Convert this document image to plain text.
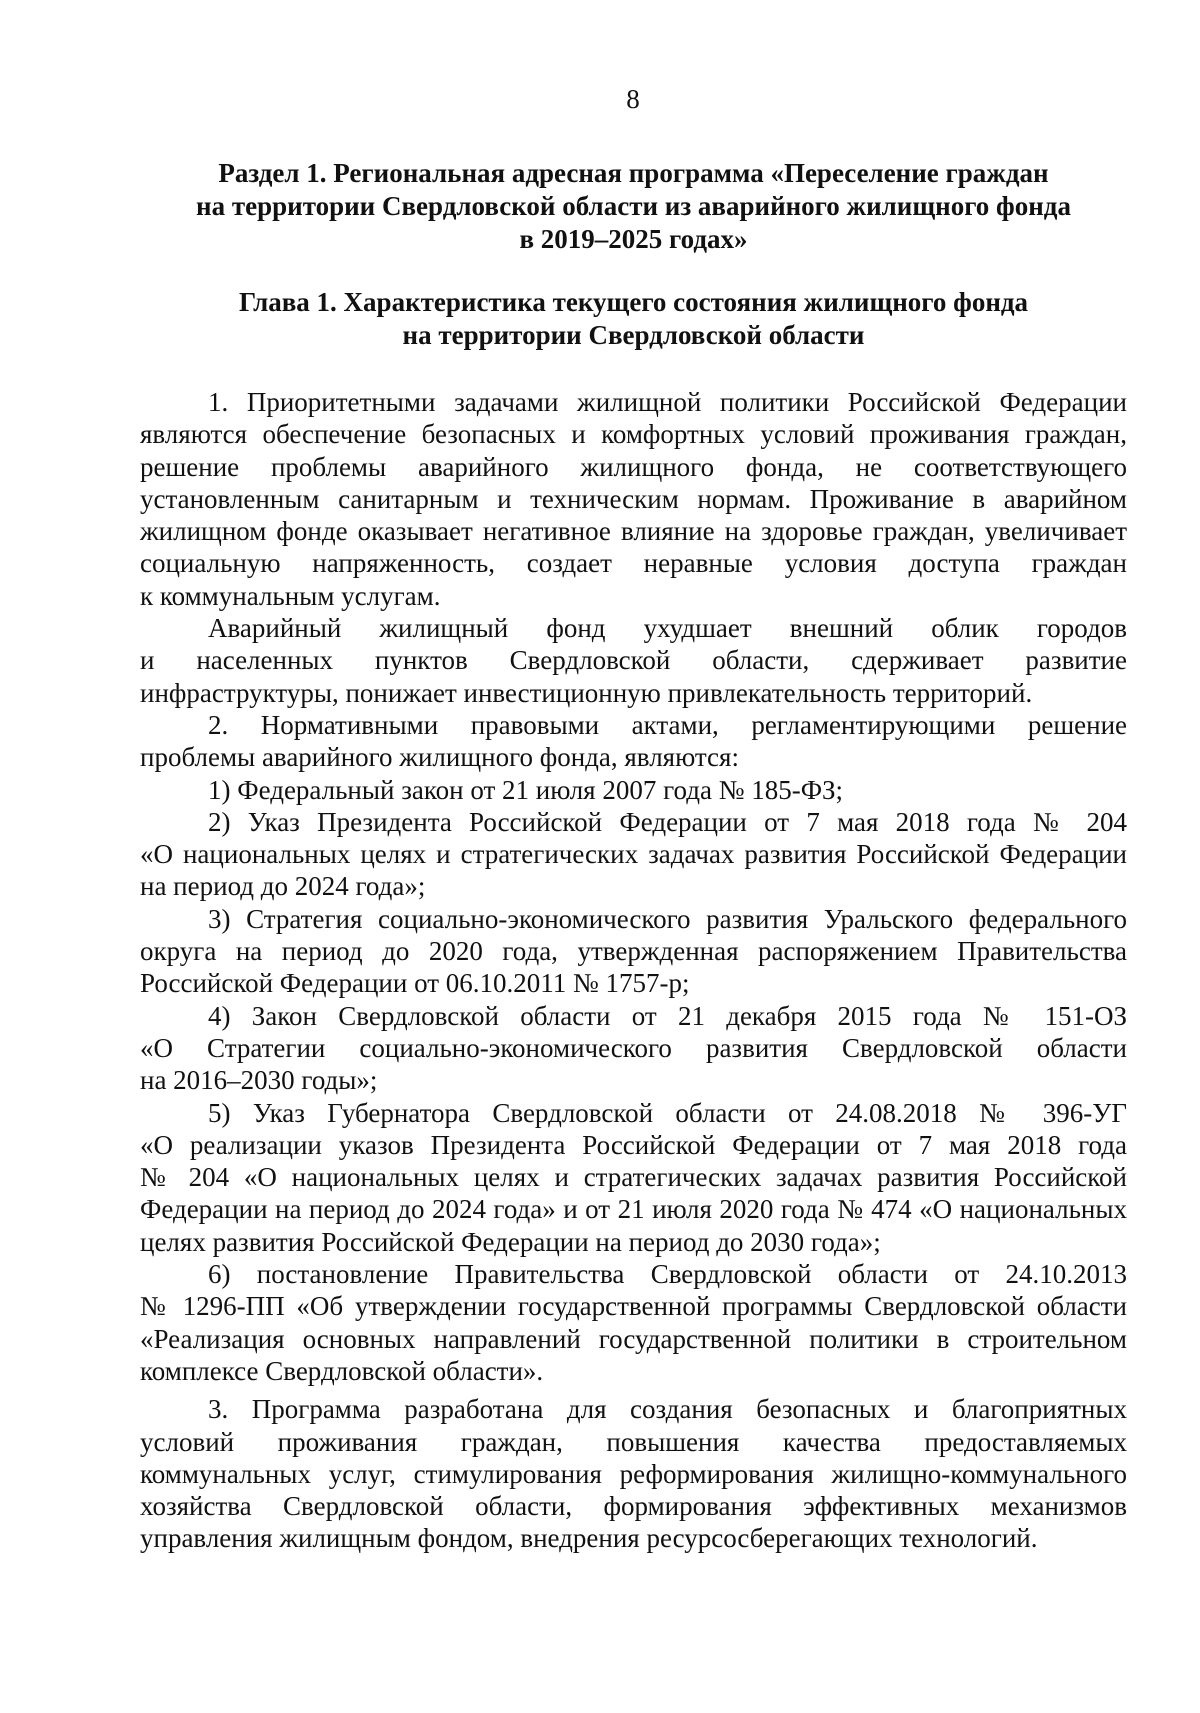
8
Раздел 1. Региональная адресная программа «Переселение граждан
на территории Свердловской области из аварийного жилищного фонда
в 2019–2025 годах»
Глава 1. Характеристика текущего состояния жилищного фонда
на территории Свердловской области
1. Приоритетными задачами жилищной политики Российской Федерации
являются обеспечение безопасных и комфортных условий проживания граждан,
решение проблемы аварийного жилищного фонда, не соответствующего
установленным санитарным и техническим нормам. Проживание в аварийном
жилищном фонде оказывает негативное влияние на здоровье граждан, увеличивает
социальную напряженность, создает неравные условия доступа граждан
к коммунальным услугам.
Аварийный жилищный фонд ухудшает внешний облик городов
и населенных пунктов Свердловской области, сдерживает развитие
инфраструктуры, понижает инвестиционную привлекательность территорий.
2. Нормативными правовыми актами, регламентирующими решение
проблемы аварийного жилищного фонда, являются:
1) Федеральный закон от 21 июля 2007 года № 185-ФЗ;
2) Указ Президента Российской Федерации от 7 мая 2018 года № 204
«О национальных целях и стратегических задачах развития Российской Федерации
на период до 2024 года»;
3) Стратегия социально-экономического развития Уральского федерального
округа на период до 2020 года, утвержденная распоряжением Правительства
Российской Федерации от 06.10.2011 № 1757-р;
4) Закон Свердловской области от 21 декабря 2015 года № 151-ОЗ
«О Стратегии социально-экономического развития Свердловской области
на 2016–2030 годы»;
5) Указ Губернатора Свердловской области от 24.08.2018 № 396-УГ
«О реализации указов Президента Российской Федерации от 7 мая 2018 года
№ 204 «О национальных целях и стратегических задачах развития Российской
Федерации на период до 2024 года» и от 21 июля 2020 года № 474 «О национальных
целях развития Российской Федерации на период до 2030 года»;
6) постановление Правительства Свердловской области от 24.10.2013
№ 1296-ПП «Об утверждении государственной программы Свердловской области
«Реализация основных направлений государственной политики в строительном
комплексе Свердловской области».
3. Программа разработана для создания безопасных и благоприятных
условий проживания граждан, повышения качества предоставляемых
коммунальных услуг, стимулирования реформирования жилищно-коммунального
хозяйства Свердловской области, формирования эффективных механизмов
управления жилищным фондом, внедрения ресурсосберегающих технологий.
